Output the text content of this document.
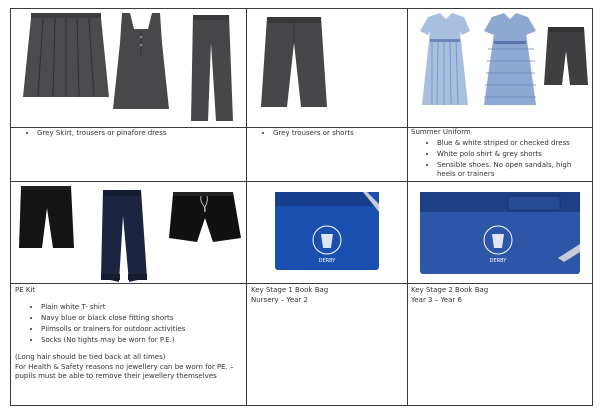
• Grey Skirt, trousers or pinafore dress
•	Grey trousers or shorts	Summer Uniform
• Blue & white striped or checked dress
• White polo shirt & grey shorts
• Sensible shoes. No open sandals, high heels or trainers
DERBY	DERBY
PE Kit
• Plain white T- shirt
• Navy blue or black close fitting shorts
• Plimsolls or trainers for outdoor activities
• Socks (No tights may be worn for P.E.)
(Long hair should be tied back at all times)
For Health & Safety reasons no jewellery can be worn for PE. – pupils must be able to remove their jewellery themselves
Key Stage 1 Book Bag
Nursery – Year 2
Key Stage 2 Book Bag
Year 3 – Year 6
